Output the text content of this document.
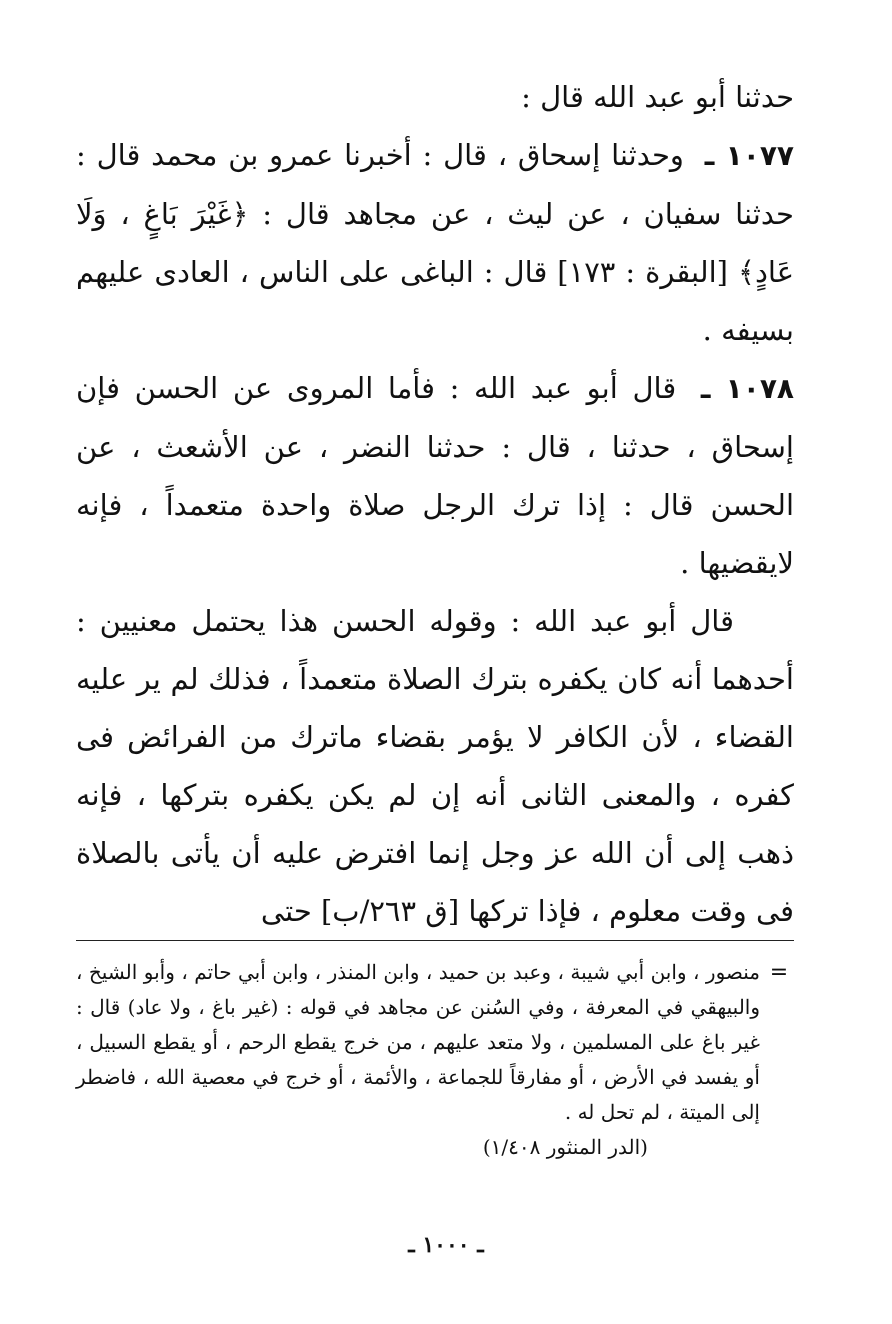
حدثنا أبو عبد الله قال :

١٠٧٧ ـ وحدثنا إسحاق ، قال : أخبرنا عمرو بن محمد قال : حدثنا سفيان ، عن ليث ، عن مجاهد قال : ﴿غَيْرَ بَاغٍ ، وَلَا عَادٍ﴾ [البقرة : ١٧٣] قال : الباغى على الناس ، العادى عليهم بسيفه .

١٠٧٨ ـ قال أبو عبد الله : فأما المروى عن الحسن فإن إسحاق ، حدثنا ، قال : حدثنا النضر ، عن الأشعث ، عن الحسن قال : إذا ترك الرجل صلاة واحدة متعمداً ، فإنه لايقضيها .

قال أبو عبد الله : وقوله الحسن هذا يحتمل معنيين : أحدهما أنه كان يكفره بترك الصلاة متعمداً ، فذلك لم ير عليه القضاء ، لأن الكافر لا يؤمر بقضاء ماترك من الفرائض فى كفره ، والمعنى الثانى أنه إن لم يكن يكفره بتركها ، فإنه ذهب إلى أن الله عز وجل إنما افترض عليه أن يأتى بالصلاة فى وقت معلوم ، فإذا تركها [ق ٢٦٣/ب] حتى

=
منصور ، وابن أبي شيبة ، وعبد بن حميد ، وابن المنذر ، وابن أبي حاتم ، وأبو الشيخ ، والبيهقي في المعرفة ، وفي السُنن عن مجاهد في قوله : (غير باغ ، ولا عاد) قال : غير باغ على المسلمين ، ولا متعد عليهم ، من خرج يقطع الرحم ، أو يقطع السبيل ، أو يفسد في الأرض ، أو مفارقاً للجماعة ، والأئمة ، أو خرج في معصية الله ، فاضطر إلى الميتة ، لم تحل له .
(الدر المنثور ١/٤٠٨)
ـ ١٠٠٠ ـ
